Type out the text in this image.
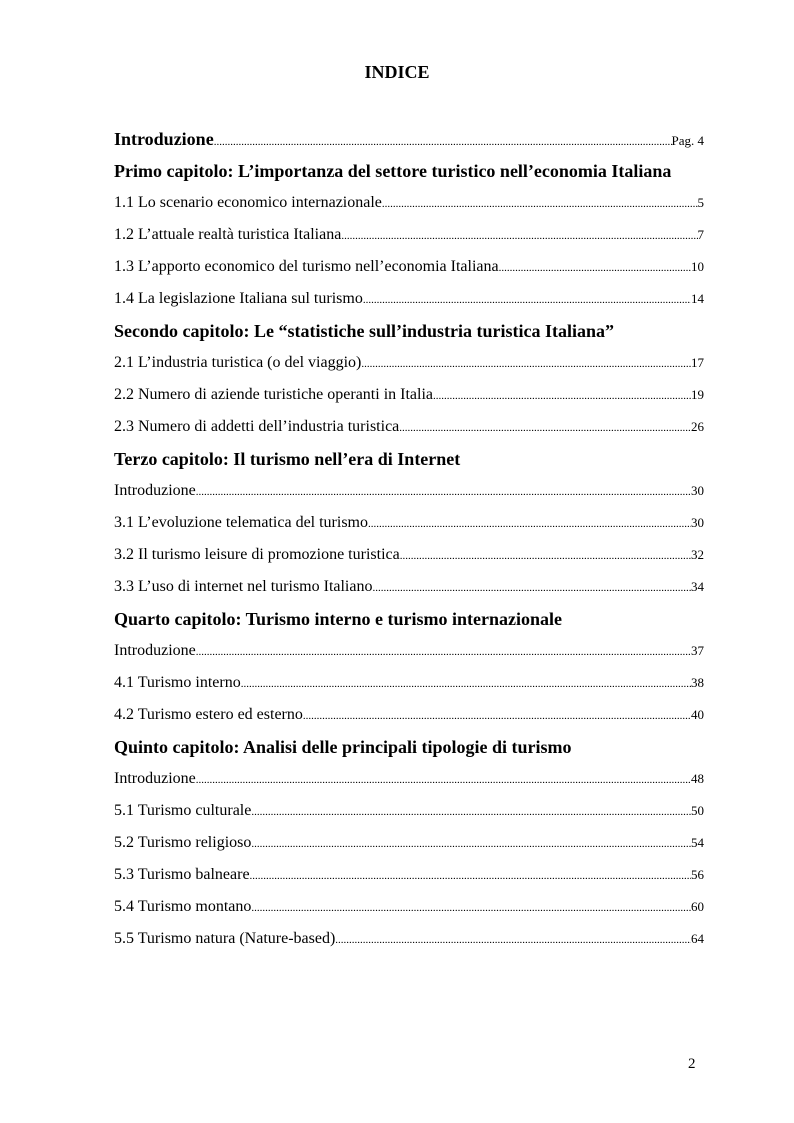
INDICE
Introduzione .....	Pag. 4
Primo capitolo: L’importanza del settore turistico nell’economia Italiana
1.1 Lo scenario economico internazionale .....	5
1.2 L’attuale realtà turistica Italiana .....	7
1.3 L’apporto economico del turismo nell’economia Italiana .....	10
1.4 La legislazione Italiana sul turismo .....	14
Secondo capitolo: Le “statistiche sull’industria turistica Italiana”
2.1 L’industria turistica (o del viaggio) .....	17
2.2 Numero di aziende turistiche operanti in Italia .....	19
2.3 Numero di addetti dell’industria turistica .....	26
Terzo capitolo: Il turismo nell’era di Internet
Introduzione .....	30
3.1 L’evoluzione telematica del turismo .....	30
3.2 Il turismo leisure di promozione turistica .....	32
3.3 L’uso di internet nel turismo Italiano .....	34
Quarto capitolo: Turismo interno e turismo internazionale
Introduzione .....	37
4.1 Turismo interno .....	38
4.2 Turismo estero ed esterno .....	40
Quinto capitolo: Analisi delle principali tipologie di turismo
Introduzione .....	48
5.1 Turismo culturale .....	50
5.2 Turismo religioso .....	54
5.3 Turismo balneare .....	56
5.4 Turismo montano .....	60
5.5 Turismo natura (Nature-based) .....	64
2
